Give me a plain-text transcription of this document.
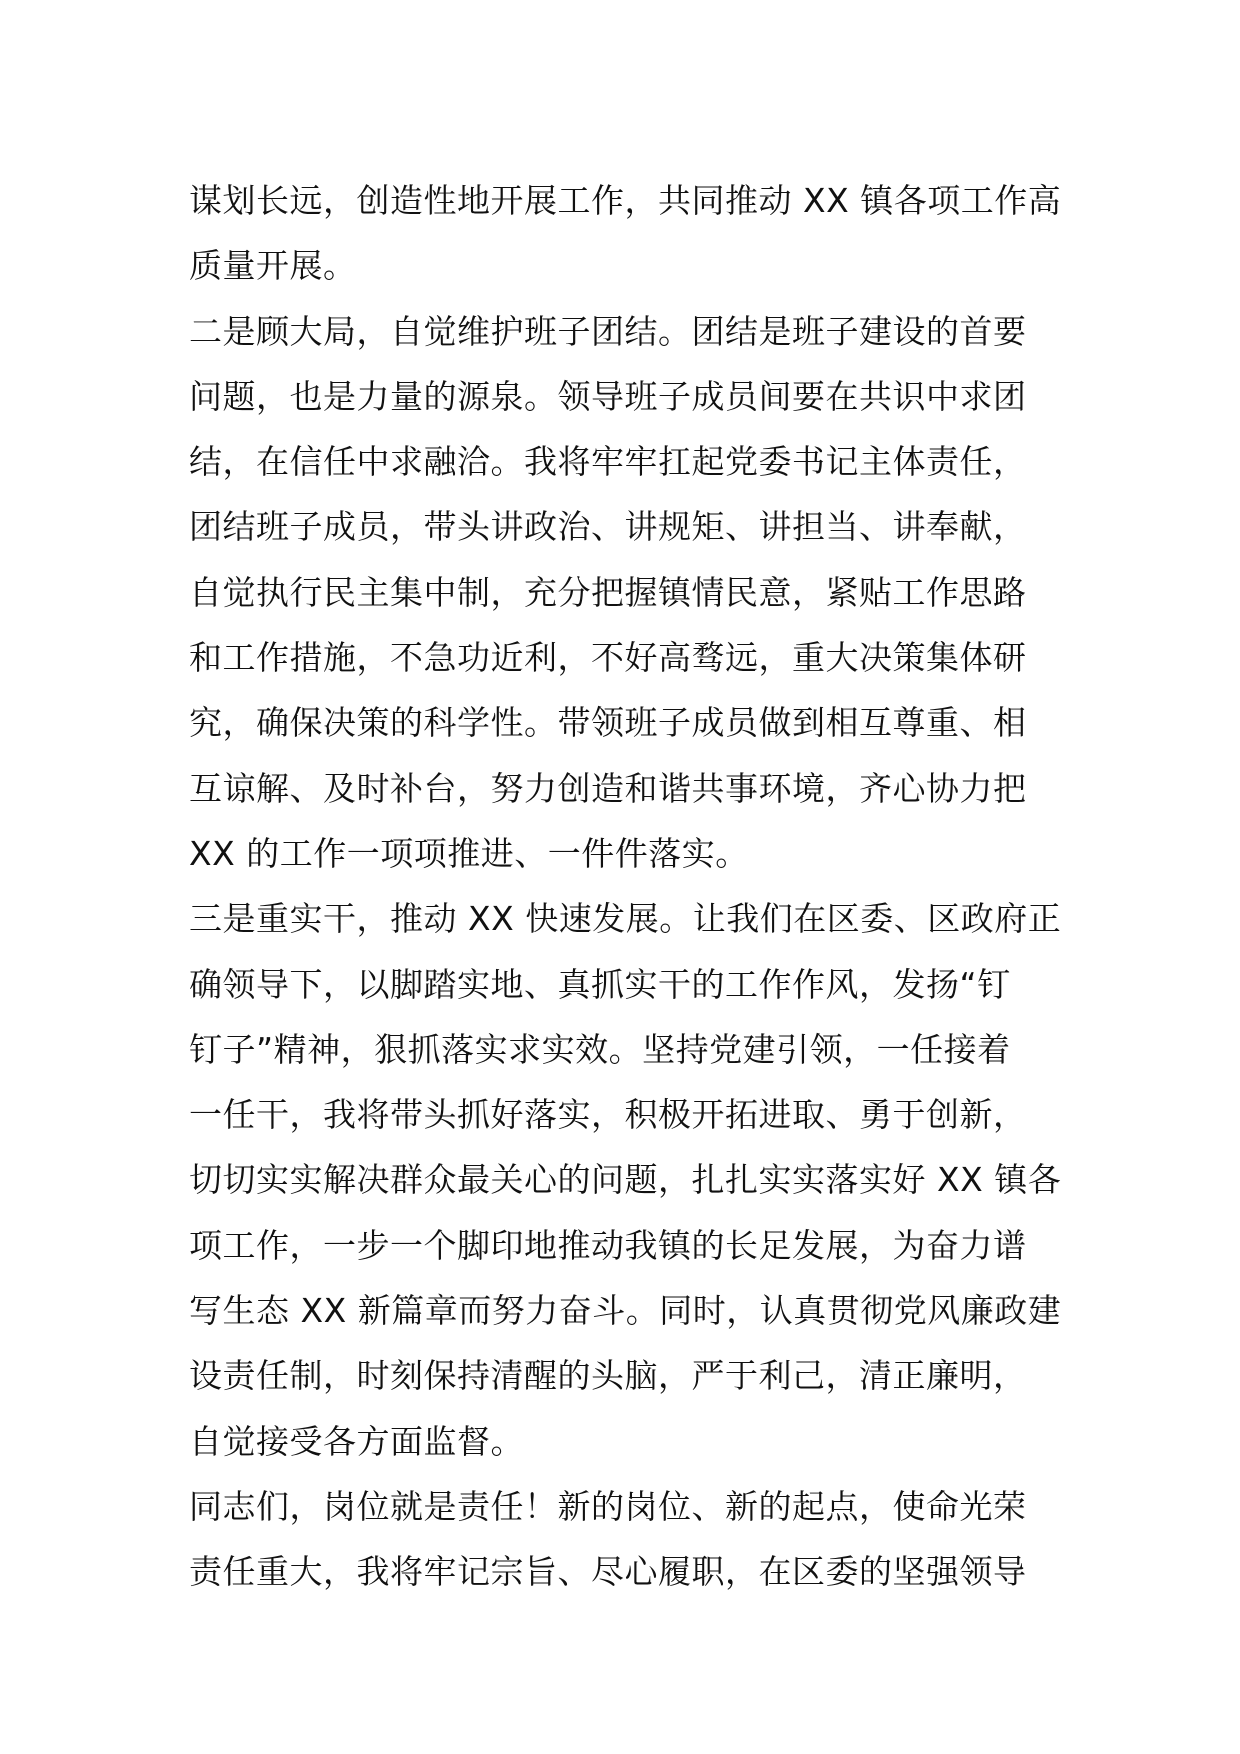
谋划长远，创造性地开展工作，共同推动 XX 镇各项工作高
质量开展。
二是顾大局，自觉维护班子团结。团结是班子建设的首要
问题，也是力量的源泉。领导班子成员间要在共识中求团
结，在信任中求融洽。我将牢牢扛起党委书记主体责任，
团结班子成员，带头讲政治、讲规矩、讲担当、讲奉献，
自觉执行民主集中制，充分把握镇情民意，紧贴工作思路
和工作措施，不急功近利，不好高骛远，重大决策集体研
究，确保决策的科学性。带领班子成员做到相互尊重、相
互谅解、及时补台，努力创造和谐共事环境，齐心协力把
XX 的工作一项项推进、一件件落实。
三是重实干，推动 XX 快速发展。让我们在区委、区政府正
确领导下，以脚踏实地、真抓实干的工作作风，发扬“钉
钉子”精神，狠抓落实求实效。坚持党建引领，一任接着
一任干，我将带头抓好落实，积极开拓进取、勇于创新，
切切实实解决群众最关心的问题，扎扎实实落实好 XX 镇各
项工作，一步一个脚印地推动我镇的长足发展，为奋力谱
写生态 XX 新篇章而努力奋斗。同时，认真贯彻党风廉政建
设责任制，时刻保持清醒的头脑，严于利己，清正廉明，
自觉接受各方面监督。
同志们，岗位就是责任！新的岗位、新的起点，使命光荣
责任重大，我将牢记宗旨、尽心履职，在区委的坚强领导
